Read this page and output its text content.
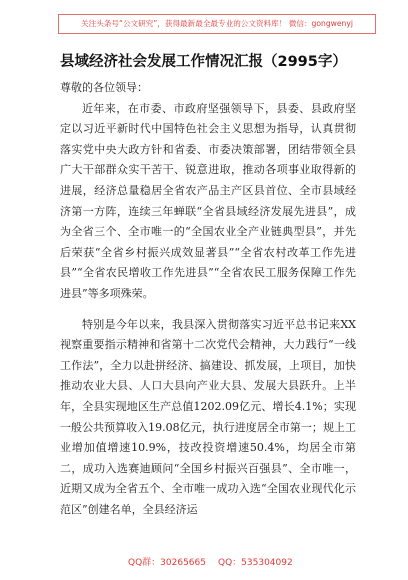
关注头条号“公文研究”，获得最新最全最专业的公文资料库！ 微信：gongwenyj
县域经济社会发展工作情况汇报（2995字）

尊敬的各位领导：

近年来，在市委、市政府坚强领导下，县委、县政府坚定以习近平新时代中国特色社会主义思想为指导，认真贯彻落实党中央大政方针和省委、市委决策部署，团结带领全县广大干部群众实干苦干、锐意进取，推动各项事业取得新的进展，经济总量稳居全省农产品主产区县首位、全市县域经济第一方阵，连续三年蝉联“全省县域经济发展先进县”，成为全省三个、全市唯一的“全国农业全产业链典型县”，并先后荣获“全省乡村振兴成效显著县”“全省农村改革工作先进县”“全省农民增收工作先进县”“全省农民工服务保障工作先进县”等多项殊荣。

特别是今年以来，我县深入贯彻落实习近平总书记来XX视察重要指示精神和省第十二次党代会精神，大力践行“一线工作法”，全力以赴拼经济、搞建设、抓发展，上项目，加快推动农业大县、人口大县向产业大县、发展大县跃升。上半年，全县实现地区生产总值1202.09亿元、增长4.1%；实现一般公共预算收入19.08亿元，执行进度居全市第一；规上工业增加值增速10.9%，技改投资增速50.4%，均居全市第二，成功入选赛迪顾问“全国乡村振兴百强县”、全市唯一，近期又成为全省五个、全市唯一成功入选“全国农业现代化示范区”创建名单，全县经济运

QQ群：30265665 QQ：535304092
